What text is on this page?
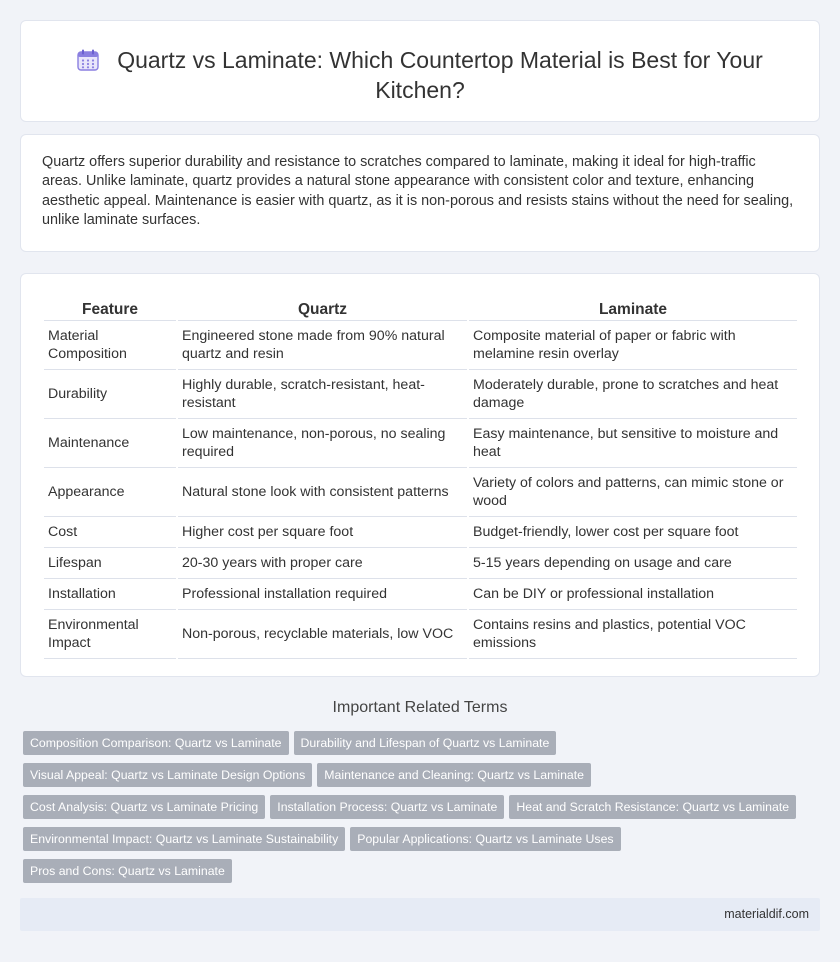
Quartz vs Laminate: Which Countertop Material is Best for Your Kitchen?

Quartz offers superior durability and resistance to scratches compared to laminate, making it ideal for high-traffic areas. Unlike laminate, quartz provides a natural stone appearance with consistent color and texture, enhancing aesthetic appeal. Maintenance is easier with quartz, as it is non-porous and resists stains without the need for sealing, unlike laminate surfaces.

Feature	Quartz	Laminate
Material Composition	Engineered stone made from 90% natural quartz and resin	Composite material of paper or fabric with melamine resin overlay
Durability	Highly durable, scratch-resistant, heat-resistant	Moderately durable, prone to scratches and heat damage
Maintenance	Low maintenance, non-porous, no sealing required	Easy maintenance, but sensitive to moisture and heat
Appearance	Natural stone look with consistent patterns	Variety of colors and patterns, can mimic stone or wood
Cost	Higher cost per square foot	Budget-friendly, lower cost per square foot
Lifespan	20-30 years with proper care	5-15 years depending on usage and care
Installation	Professional installation required	Can be DIY or professional installation
Environmental Impact	Non-porous, recyclable materials, low VOC	Contains resins and plastics, potential VOC emissions
Important Related Terms
Composition Comparison: Quartz vs Laminate Durability and Lifespan of Quartz vs Laminate
Visual Appeal: Quartz vs Laminate Design Options Maintenance and Cleaning: Quartz vs Laminate
Cost Analysis: Quartz vs Laminate Pricing Installation Process: Quartz vs Laminate Heat and Scratch Resistance: Quartz vs Laminate
Environmental Impact: Quartz vs Laminate Sustainability Popular Applications: Quartz vs Laminate Uses
Pros and Cons: Quartz vs Laminate
materialdif.com
